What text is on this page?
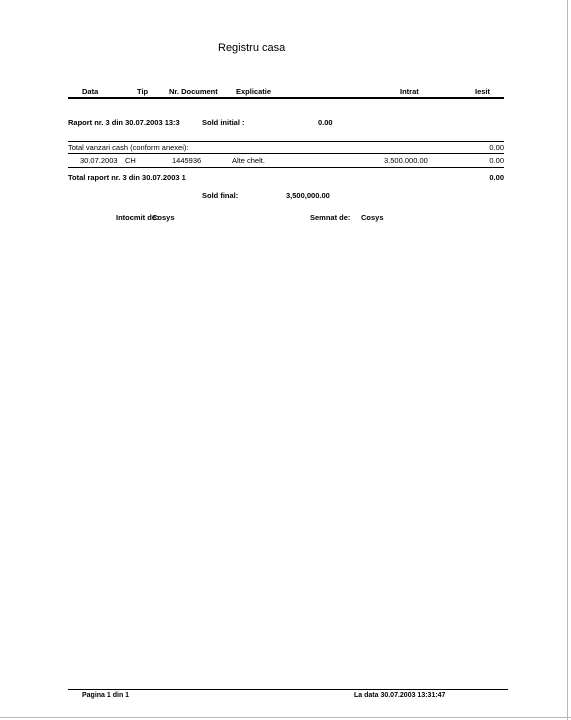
Registru casa
Data	Tip	Nr. Document Explicatie	Intrat	Iesit
Raport nr. 3 din 30.07.2003 13:3	Sold initial :	0.00
Total vanzari cash (conform anexei):	0.00
30.07.2003 CH	1445936	Alte chelt.	3.500.000.00	0.00
Total raport nr. 3 din 30.07.2003 1	0.00
Sold final:	3,500,000.00
Intocmit de:
Cosys	Semnat de: Cosys
Pagina 1 din 1	La data 30.07.2003 13:31:47
